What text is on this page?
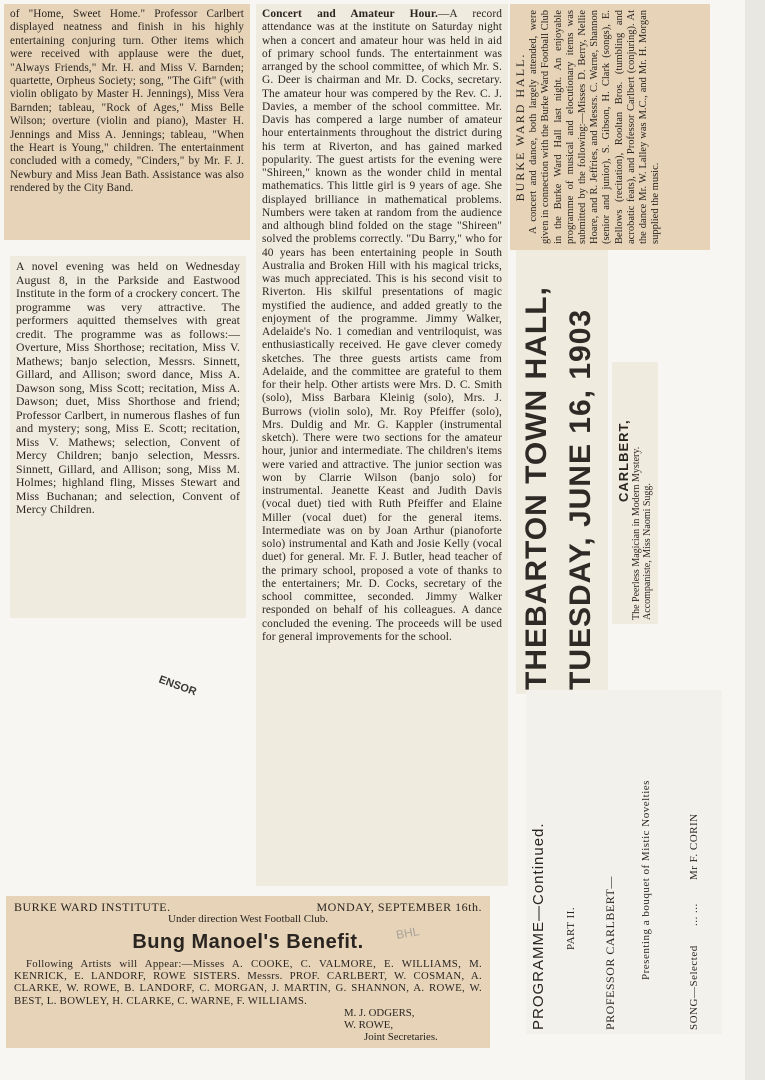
of "Home, Sweet Home." Professor Carlbert displayed neatness and finish in his highly entertaining conjuring turn. Other items which were received with applause were the duet, "Always Friends," Mr. H. and Miss V. Barnden; quartette, Orpheus Society; song, "The Gift" (with violin obligato by Master H. Jennings), Miss Vera Barnden; tableau, "Rock of Ages," Miss Belle Wilson; overture (violin and piano), Master H. Jennings and Miss A. Jennings; tableau, "When the Heart is Young," children. The entertainment concluded with a comedy, "Cinders," by Mr. F. J. Newbury and Miss Jean Bath. Assistance was also rendered by the City Band.
A novel evening was held on Wednesday August 8, in the Parkside and Eastwood Institute in the form of a crockery concert. The programme was very attractive. The performers aquitted themselves with great credit. The programme was as follows:—Overture, Miss Shorthose; recitation, Miss V. Mathews; banjo selection, Messrs. Sinnett, Gillard, and Allison; sword dance, Miss A. Dawson song, Miss Scott; recitation, Miss A. Dawson; duet, Miss Shorthose and friend; Professor Carlbert, in numerous flashes of fun and mystery; song, Miss E. Scott; recitation, Miss V. Mathews; selection, Convent of Mercy Children; banjo selection, Messrs. Sinnett, Gillard, and Allison; song, Miss M. Holmes; highland fling, Misses Stewart and Miss Buchanan; and selection, Convent of Mercy Children.
Concert and Amateur Hour.—A record attendance was at the institute on Saturday night when a concert and amateur hour was held in aid of primary school funds. The entertainment was arranged by the school committee, of which Mr. S. G. Deer is chairman and Mr. D. Cocks, secretary. The amateur hour was compered by the Rev. C. J. Davies, a member of the school committee. Mr. Davis has compered a large number of amateur hour entertainments throughout the district during his term at Riverton, and has gained marked popularity. The guest artists for the evening were "Shireen," known as the wonder child in mental mathematics. This little girl is 9 years of age. She displayed brilliance in mathematical problems. Numbers were taken at random from the audience and although blind folded on the stage "Shireen" solved the problems correctly. "Du Barry," who for 40 years has been entertaining people in South Australia and Broken Hill with his magical tricks, was much appreciated. This is his second visit to Riverton. His skilful presentations of magic mystified the audience, and added greatly to the enjoyment of the programme. Jimmy Walker, Adelaide's No. 1 comedian and ventriloquist, was enthusiastically received. He gave clever comedy sketches. The three guests artists came from Adelaide, and the committee are grateful to them for their help. Other artists were Mrs. D. C. Smith (solo), Miss Barbara Kleinig (solo), Mrs. J. Burrows (violin solo), Mr. Roy Pfeiffer (solo), Mrs. Duldig and Mr. G. Kappler (instrumental sketch). There were two sections for the amateur hour, junior and intermediate. The children's items were varied and attractive. The junior section was won by Clarrie Wilson (banjo solo) for instrumental. Jeanette Keast and Judith Davis (vocal duet) tied with Ruth Pfeiffer and Elaine Miller (vocal duet) for the general items. Intermediate was on by Joan Arthur (pianoforte solo) instrumental and Kath and Josie Kelly (vocal duet) for general. Mr. F. J. Butler, head teacher of the primary school, proposed a vote of thanks to the entertainers; Mr. D. Cocks, secretary of the school committee, seconded. Jimmy Walker responded on behalf of his colleagues. A dance concluded the evening. The proceeds will be used for general improvements for the school.
BURKE WARD HALL. A concert and dance, both largely attended, were given in connection with the Burke Ward Football Club in the Burke Ward Hall last night. An enjoyable programme of musical and elocutionary items was submitted by the following:—Misses D. Berry, Nellie Hoare, and R. Jeffries, and Messrs. C. Warne, Shannon (senior and junior), S. Gibson, H. Clark (songs), E. Bellows (recitation), Rooltan Bros. (tumbling and acrobatic feats), and Professor Carlbert (conjuring). At the dance Mr. W. Lalley was M.C., and Mr. H. Morgan supplied the music.
THEBARTON TOWN HALL, TUESDAY, JUNE 16, 1903 CARLBERT, The Peerless Magician in Modern Mystery. Accompaniste, Miss Naomi Sugg.
PROGRAMME—Continued. PART II. PROFESSOR CARLBERT— Presenting a bouquet of Mistic Novelties
SONG—Selected ... ... Mr F. CORIN
BURKE WARD INSTITUTE.	MONDAY, SEPTEMBER 16th.
Under direction West Football Club.
Bung Manoel's Benefit.
Following Artists will Appear:—Misses A. COOKE, C. VALMORE, E. WILLIAMS, M. KENRICK, E. LANDORF, ROWE SISTERS. Messrs. PROF. CARLBERT, W. COSMAN, A. CLARKE, W. ROWE, B. LANDORF, C. MORGAN, J. MARTIN, G. SHANNON, A. ROWE, W. BEST, L. BOWLEY, H. CLARKE, C. WARNE, F. WILLIAMS.
M. J. ODGERS,
W. ROWE,
Joint Secretaries.
ENSOR
BHL
